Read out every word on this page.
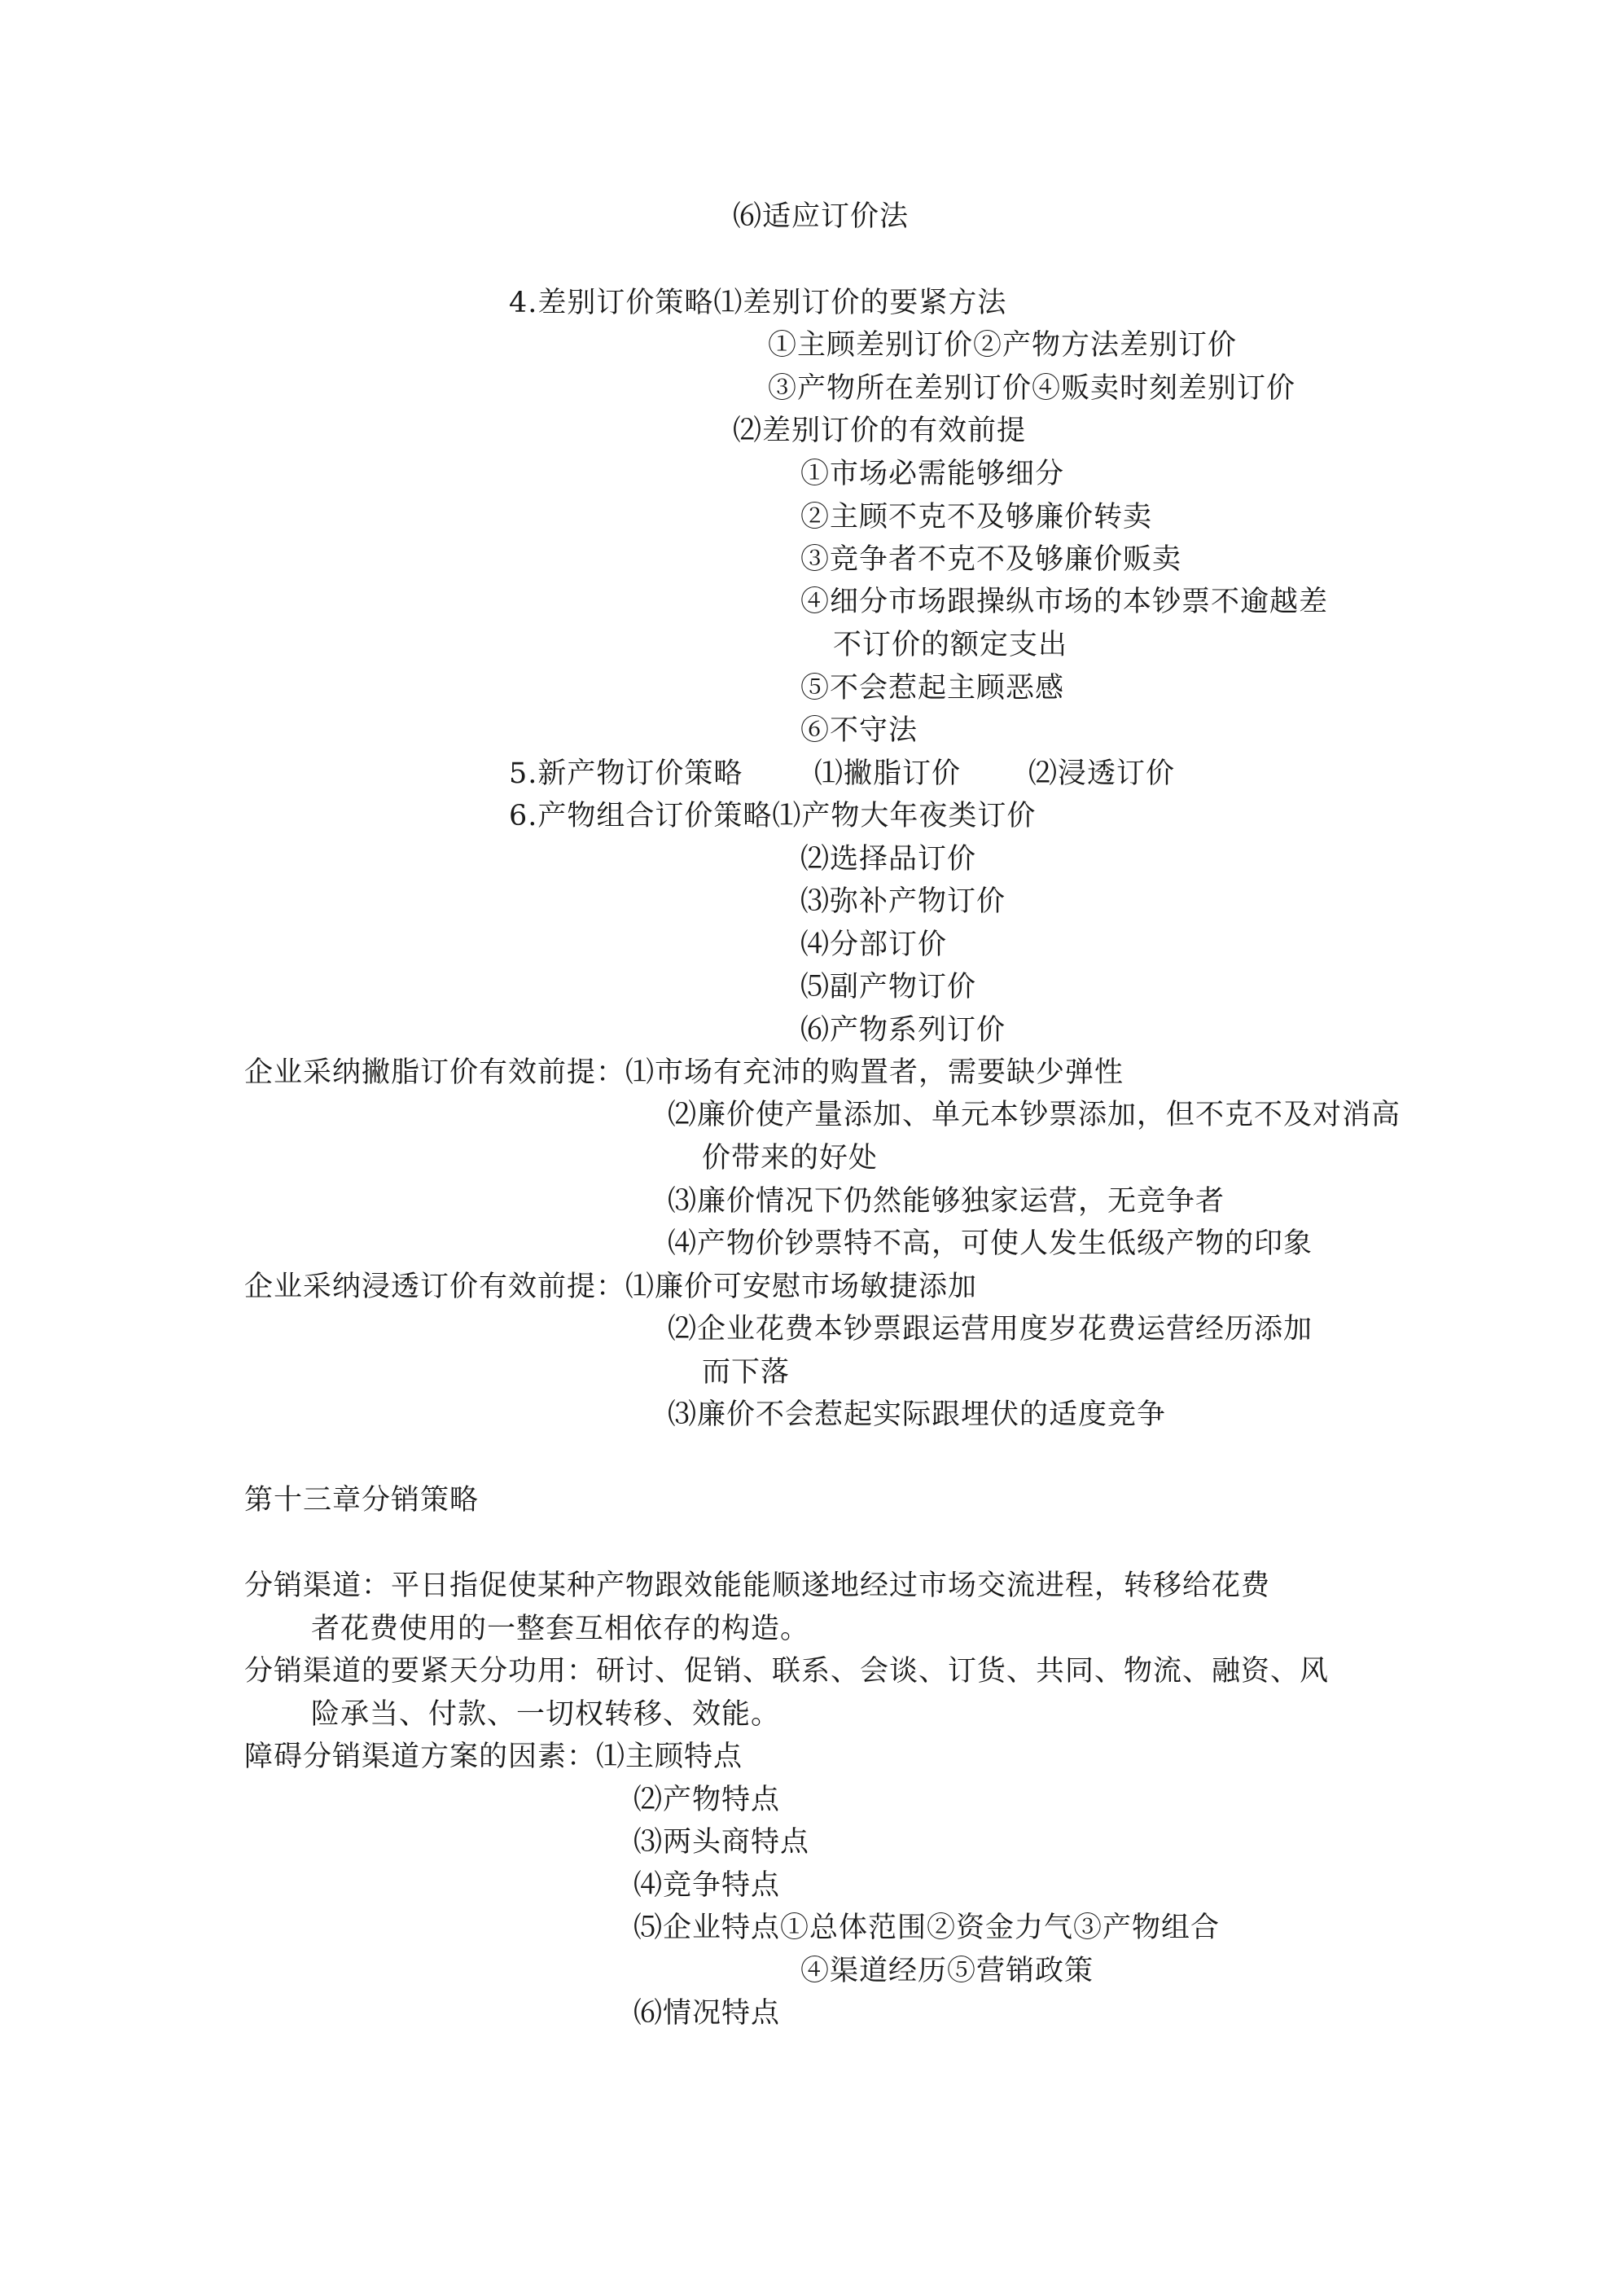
⑹适应订价法
4.差别订价策略⑴差别订价的要紧方法
①主顾差别订价②产物方法差别订价
③产物所在差别订价④贩卖时刻差别订价
⑵差别订价的有效前提
①市场必需能够细分
②主顾不克不及够廉价转卖
③竞争者不克不及够廉价贩卖
④细分市场跟操纵市场的本钞票不逾越差
不订价的额定支出
⑤不会惹起主顾恶感
⑥不守法
5.新产物订价策略	⑴撇脂订价 ⑵浸透订价
6.产物组合订价策略⑴产物大年夜类订价
⑵选择品订价
⑶弥补产物订价
⑷分部订价
⑸副产物订价
⑹产物系列订价
企业采纳撇脂订价有效前提：⑴市场有充沛的购置者，需要缺少弹性
⑵廉价使产量添加、单元本钞票添加，但不克不及对消高
价带来的好处
⑶廉价情况下仍然能够独家运营，无竞争者
⑷产物价钞票特不高，可使人发生低级产物的印象
企业采纳浸透订价有效前提：⑴廉价可安慰市场敏捷添加
⑵企业花费本钞票跟运营用度岁花费运营经历添加
而下落
⑶廉价不会惹起实际跟埋伏的适度竞争
第十三章分销策略
分销渠道：平日指促使某种产物跟效能能顺遂地经过市场交流进程，转移给花费
者花费使用的一整套互相依存的构造。
分销渠道的要紧天分功用：研讨、促销、联系、会谈、订货、共同、物流、融资、风
险承当、付款、一切权转移、效能。
障碍分销渠道方案的因素：⑴主顾特点
⑵产物特点
⑶两头商特点
⑷竞争特点
⑸企业特点①总体范围②资金力气③产物组合
④渠道经历⑤营销政策
⑹情况特点
